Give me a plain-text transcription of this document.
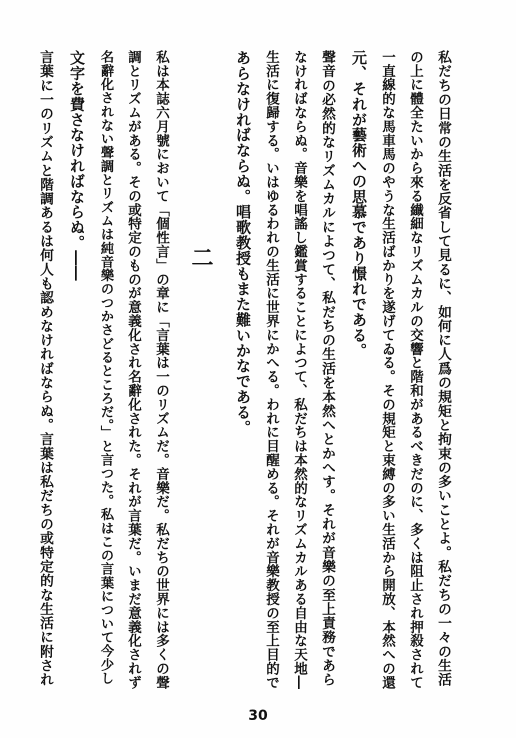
私だちの日常の生活を反省して見るに、如何に人爲の規矩と拘束の多いことよ。私だちの一々の生活
の上に體全たいから來る纎細なリズムカルの交響と階和があるべきだのに、多くは阻止され押殺されて
一直線的な馬車馬のやうな生活ばかりを遂げてゐる。その規矩と束縛の多い生活から開放、本然への還
元、それが藝術への思慕であり憬れである。
聲音の必然的なリズムカルによつて、私だちの生活を本然へとかへす。それが音樂の至上責務であら
なければならぬ。音樂を唱謠し鑑賞することによつて、私だちは本然的なリズムカルある自由な天地―
生活に復歸する。いはゆるわれの生活に世界にかへる。われに目醒める。それが音樂教授の至上目的で
あらなければならぬ。唱歌教授もまた難いかなである。
二
私は本誌六月號において「個性言」の章に「言葉は一のリズムだ。音樂だ。私だちの世界には多くの聲
調とリズムがある。その或特定のものが意義化され名辭化された。それが言葉だ。いまだ意義化されず
名辭化されない聲調とリズムは純音樂のつかさどるところだ。」と言つた。私はこの言葉について今少し
文字を費さなければならぬ。――
言葉に一のリズムと階調あるは何人も認めなければならぬ。言葉は私だちの或特定的な生活に附され
30
